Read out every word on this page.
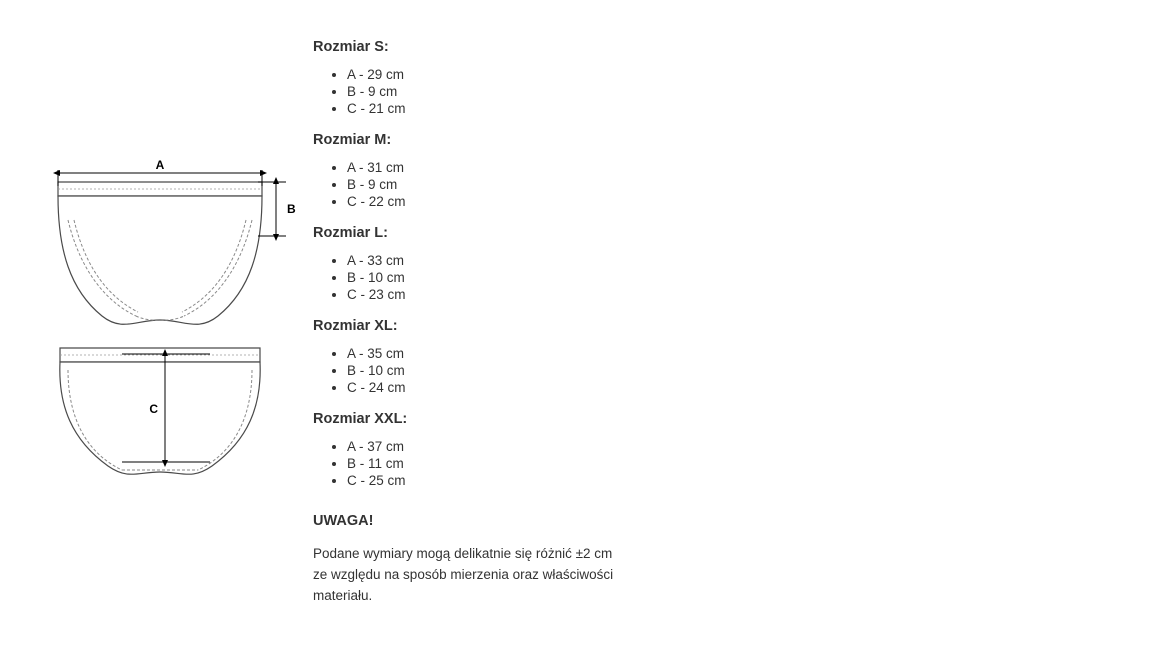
A
B
C

Rozmiar S:

• A - 29 cm
• B - 9 cm
• C - 21 cm

Rozmiar M:

• A - 31 cm
• B - 9 cm
• C - 22 cm

Rozmiar L:

• A - 33 cm
• B - 10 cm
• C - 23 cm

Rozmiar XL:

• A - 35 cm
• B - 10 cm
• C - 24 cm

Rozmiar XXL:

• A - 37 cm
• B - 11 cm
• C - 25 cm

UWAGA!

Podane wymiary mogą delikatnie się różnić ±2 cm ze względu na sposób mierzenia oraz właściwości materiału.
